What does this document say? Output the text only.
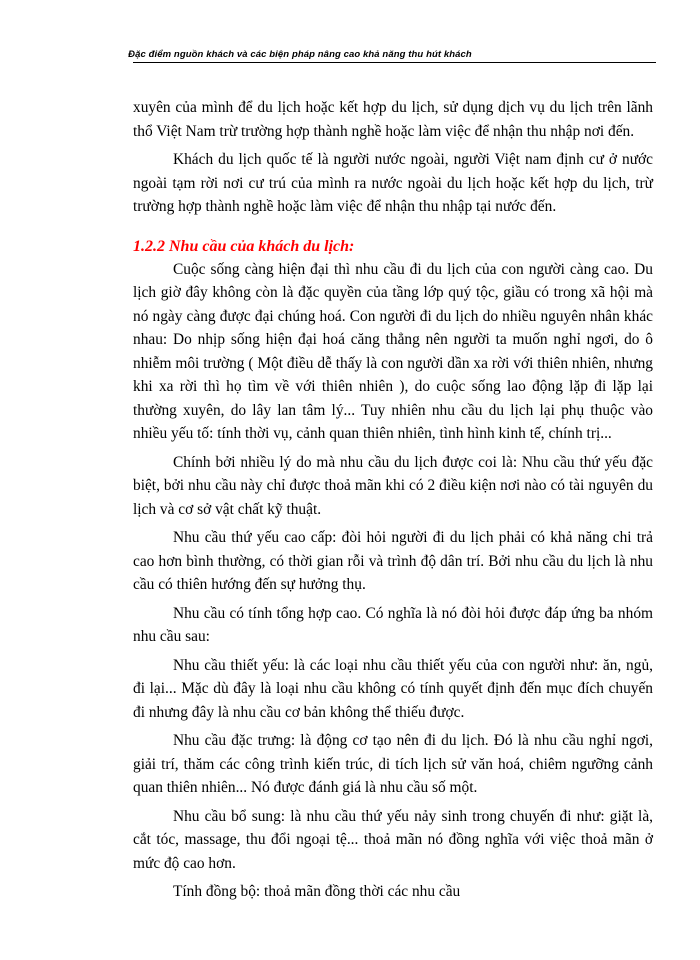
Đặc điểm nguồn khách và các biện pháp nâng cao khả năng thu hút khách

xuyên của mình để du lịch hoặc kết hợp du lịch, sử dụng dịch vụ du lịch trên lãnh thổ Việt Nam trừ trường hợp thành nghề hoặc làm việc để nhận thu nhập nơi đến.

Khách du lịch quốc tế là người nước ngoài, người Việt nam định cư ở nước ngoài tạm rời nơi cư trú của mình ra nước ngoài du lịch hoặc kết hợp du lịch, trừ trường hợp thành nghề hoặc làm việc để nhận thu nhập tại nước đến.

1.2.2 Nhu cầu của khách du lịch:

Cuộc sống càng hiện đại thì nhu cầu đi du lịch của con người càng cao. Du lịch giờ đây không còn là đặc quyền của tầng lớp quý tộc, giầu có trong xã hội mà nó ngày càng được đại chúng hoá. Con người đi du lịch do nhiều nguyên nhân khác nhau: Do nhịp sống hiện đại hoá căng thẳng nên người ta muốn nghỉ ngơi, do ô nhiễm môi trường ( Một điều dễ thấy là con người dần xa rời với thiên nhiên, nhưng khi xa rời thì họ tìm về với thiên nhiên ), do cuộc sống lao động lặp đi lặp lại thường xuyên, do lây lan tâm lý... Tuy nhiên nhu cầu du lịch lại phụ thuộc vào nhiều yếu tố: tính thời vụ, cảnh quan thiên nhiên, tình hình kinh tế, chính trị...

Chính bởi nhiều lý do mà nhu cầu du lịch được coi là: Nhu cầu thứ yếu đặc biệt, bởi nhu cầu này chỉ được thoả mãn khi có 2 điều kiện nơi nào có tài nguyên du lịch và cơ sở vật chất kỹ thuật.

Nhu cầu thứ yếu cao cấp: đòi hỏi người đi du lịch phải có khả năng chi trả cao hơn bình thường, có thời gian rỗi và trình độ dân trí. Bởi nhu cầu du lịch là nhu cầu có thiên hướng đến sự hưởng thụ.

Nhu cầu có tính tổng hợp cao. Có nghĩa là nó đòi hỏi được đáp ứng ba nhóm nhu cầu sau:

Nhu cầu thiết yếu: là các loại nhu cầu thiết yếu của con người như: ăn, ngủ, đi lại... Mặc dù đây là loại nhu cầu không có tính quyết định đến mục đích chuyến đi nhưng đây là nhu cầu cơ bản không thể thiếu được.

Nhu cầu đặc trưng: là động cơ tạo nên đi du lịch. Đó là nhu cầu nghỉ ngơi, giải trí, thăm các công trình kiến trúc, di tích lịch sử văn hoá, chiêm ngưỡng cảnh quan thiên nhiên... Nó được đánh giá là nhu cầu số một.

Nhu cầu bổ sung: là nhu cầu thứ yếu nảy sinh trong chuyến đi như: giặt là, cắt tóc, massage, thu đổi ngoại tệ... thoả mãn nó đồng nghĩa với việc thoả mãn ở mức độ cao hơn.

Tính đồng bộ: thoả mãn đồng thời các nhu cầu
